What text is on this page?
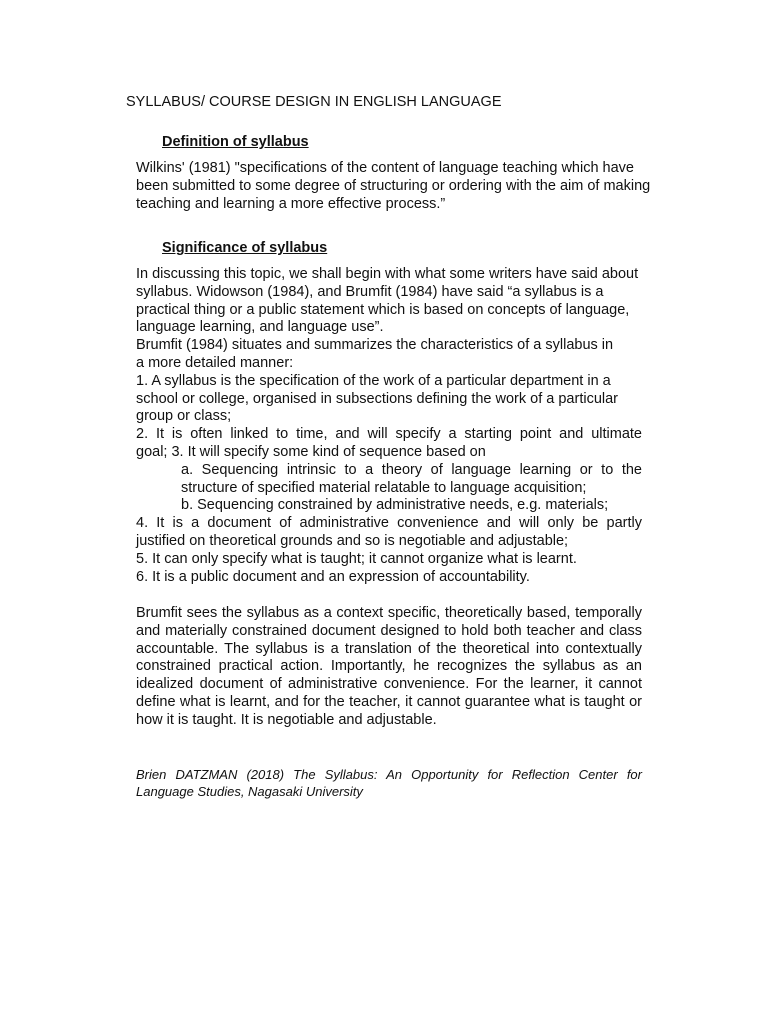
SYLLABUS/ COURSE DESIGN IN ENGLISH LANGUAGE
Definition of syllabus
Wilkins' (1981) "specifications of the content of language teaching which have
been submitted to some degree of structuring or ordering with the aim of making
teaching and learning a more effective process.”
Significance of syllabus
In discussing this topic, we shall begin with what some writers have said about
syllabus. Widowson (1984), and Brumfit (1984) have said “a syllabus is a
practical thing or a public statement which is based on concepts of language,
language learning, and language use”.
Brumfit (1984) situates and summarizes the characteristics of a syllabus in
a more detailed manner:
1. A syllabus is the specification of the work of a particular department in a
school or college, organised in subsections defining the work of a particular
group or class;
2. It is often linked to time, and will specify a starting point and ultimate
goal; 3. It will specify some kind of sequence based on
a. Sequencing intrinsic to a theory of language learning or to the
structure of specified material relatable to language acquisition;
b. Sequencing constrained by administrative needs, e.g. materials;
4. It is a document of administrative convenience and will only be partly
justified on theoretical grounds and so is negotiable and adjustable;
5. It can only specify what is taught; it cannot organize what is learnt.
6. It is a public document and an expression of accountability.
Brumfit sees the syllabus as a context specific, theoretically based, temporally and materially constrained document designed to hold both teacher and class accountable. The syllabus is a translation of the theoretical into contextually constrained practical action. Importantly, he recognizes the syllabus as an idealized document of administrative convenience. For the learner, it cannot define what is learnt, and for the teacher, it cannot guarantee what is taught or how it is taught. It is negotiable and adjustable.
Brien DATZMAN (2018) The Syllabus: An Opportunity for Reflection Center for Language Studies, Nagasaki University
